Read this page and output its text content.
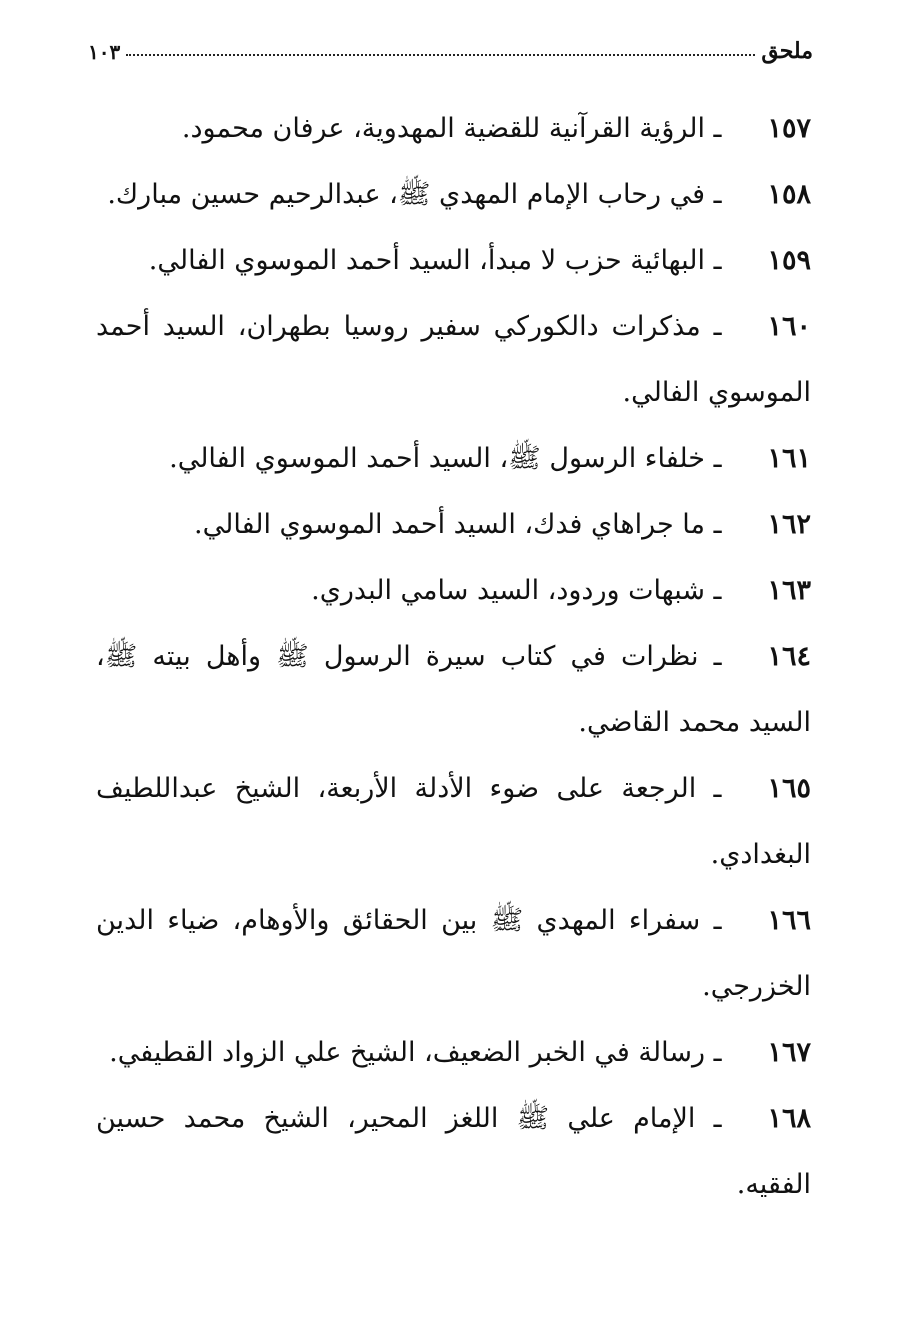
ملحق
١٠٣

١٥٧ـ الرؤية القرآنية للقضية المهدوية، عرفان محمود.

١٥٨ـ في رحاب الإمام المهدي ﷺ، عبدالرحيم حسين مبارك.

١٥٩ـ البهائية حزب لا مبدأ، السيد أحمد الموسوي الفالي.

١٦٠ـ مذكرات دالكوركي سفير روسيا بطهران، السيد أحمد الموسوي الفالي.

١٦١ـ خلفاء الرسول ﷺ، السيد أحمد الموسوي الفالي.

١٦٢ـ ما جراهاي فدك، السيد أحمد الموسوي الفالي.

١٦٣ـ شبهات وردود، السيد سامي البدري.

١٦٤ـ نظرات في كتاب سيرة الرسول ﷺ وأهل بيته ﷺ، السيد محمد القاضي.

١٦٥ـ الرجعة على ضوء الأدلة الأربعة، الشيخ عبداللطيف البغدادي.

١٦٦ـ سفراء المهدي ﷺ بين الحقائق والأوهام، ضياء الدين الخزرجي.

١٦٧ـ رسالة في الخبر الضعيف، الشيخ علي الزواد القطيفي.

١٦٨ـ الإمام علي ﷺ اللغز المحير، الشيخ محمد حسين الفقيه.
